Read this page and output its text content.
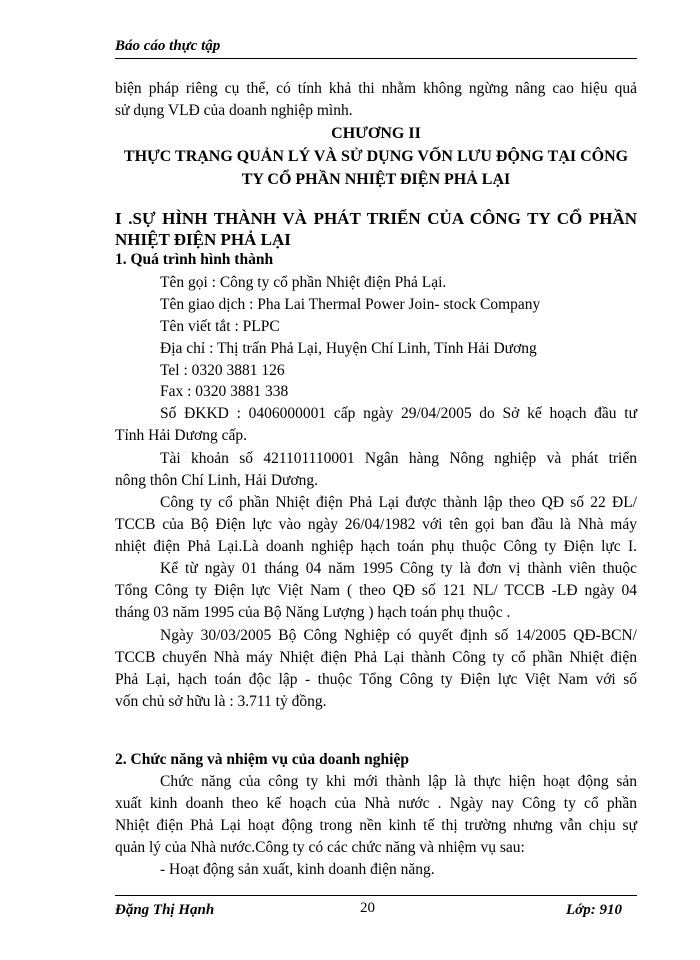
Báo cáo thực tập
biện pháp riêng cụ thể, có tính khả thi nhằm không ngừng nâng cao hiệu quả
sử dụng VLĐ của doanh nghiệp mình.
CHƯƠNG II
THỰC TRẠNG QUẢN LÝ VÀ SỬ DỤNG VỐN LƯU ĐỘNG TẠI CÔNG
TY CỔ PHẦN NHIỆT ĐIỆN PHẢ LẠI
I .SỰ HÌNH THÀNH VÀ PHÁT TRIỂN CỦA CÔNG TY CỔ PHẦN
NHIỆT ĐIỆN PHẢ LẠI
1. Quá trình hình thành
Tên gọi : Công ty cổ phần Nhiệt điện Phả Lại.
Tên giao dịch : Pha Lai Thermal Power Join- stock Company
Tên viết tắt : PLPC
Địa chỉ : Thị trấn Phả Lại, Huyện Chí Linh, Tỉnh Hải Dương
Tel : 0320 3881 126
Fax : 0320 3881 338
Số ĐKKD : 0406000001 cấp ngày 29/04/2005 do Sở kế hoạch đầu tư
Tỉnh Hải Dương cấp.
Tài khoản số 421101110001 Ngân hàng Nông nghiệp và phát triển
nông thôn Chí Linh, Hải Dương.
Công ty cổ phần Nhiệt điện Phả Lại được thành lập theo QĐ số 22 ĐL/
TCCB của Bộ Điện lực vào ngày 26/04/1982 với tên gọi ban đầu là Nhà máy
nhiệt điện Phả Lại.Là doanh nghiệp hạch toán phụ thuộc Công ty Điện lực I.
Kể từ ngày 01 tháng 04 năm 1995 Công ty là đơn vị thành viên thuộc
Tổng Công ty Điện lực Việt Nam ( theo QĐ số 121 NL/ TCCB -LĐ ngày 04
tháng 03 năm 1995 của Bộ Năng Lượng ) hạch toán phụ thuộc .
Ngày 30/03/2005 Bộ Công Nghiệp có quyết định số 14/2005 QĐ-BCN/
TCCB chuyển Nhà máy Nhiệt điện Phả Lại thành Công ty cổ phần Nhiệt điện
Phả Lại, hạch toán độc lập - thuộc Tổng Công ty Điện lực Việt Nam với số
vốn chủ sở hữu là : 3.711 tỷ đồng.
2. Chức năng và nhiệm vụ của doanh nghiệp
Chức năng của công ty khi mới thành lập là thực hiện hoạt động sản
xuất kinh doanh theo kế hoạch của Nhà nước . Ngày nay Công ty cổ phần
Nhiệt điện Phả Lại hoạt động trong nền kinh tế thị trường nhưng vẫn chịu sự
quản lý của Nhà nước.Công ty có các chức năng và nhiệm vụ sau:
- Hoạt động sản xuất, kinh doanh điện năng.
Đặng Thị Hạnh	20	Lớp: 910
